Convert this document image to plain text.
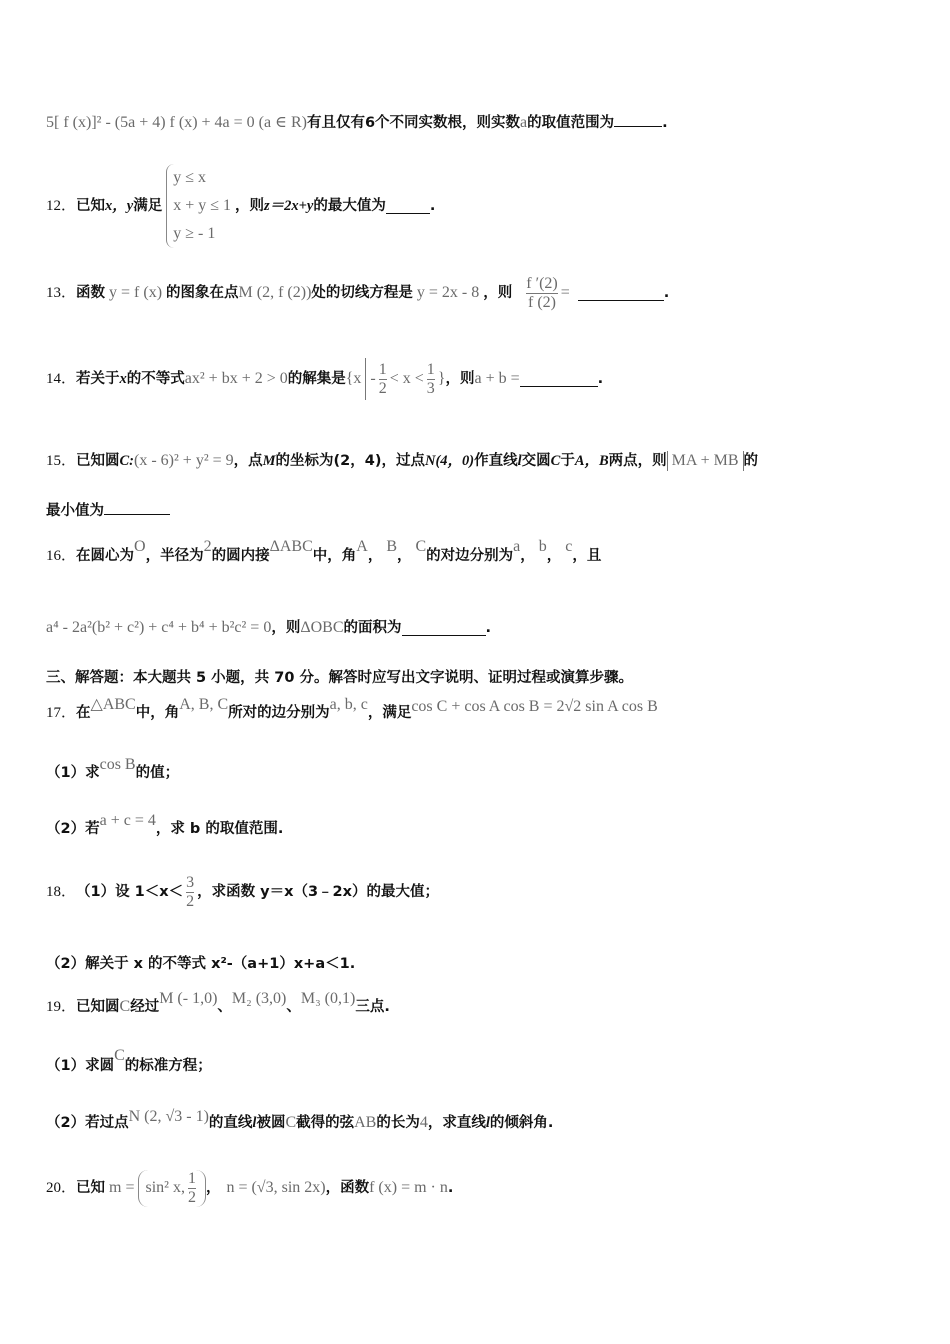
5[ f (x)]² - (5a + 4) f (x) + 4a = 0 (a ∈ R)有且仅有6个不同实数根，则实数a的取值范围为	.
12． 已知 x，y 满足
y ≤ x
x + y ≤ 1
y ≥ - 1
，则 z＝2x+y 的最大值为	.
13． 函数 y = f (x) 的图象在点 M (2, f (2)) 处的切线方程是 y = 2x - 8 ，则 $\frac{f '(2)}{f (2)}$ =	.
14． 若关于 x 的不等式 ax² + bx + 2 > 0 的解集是 {$x - \frac{1}{2} < x < \frac{1}{3}$ } ，则 a + b =	.
15． 已知圆 C: (x - 6)² + y² = 9 ，点 M 的坐标为(2，4)，过点 N(4，0) 作直线 l 交圆 C 于 A，B 两点，则 MA + MB 的
最小值为
16． 在圆心为
O
，半径为
2
的圆内接
ΔABC
中，角
A
，
B
，
C
的对边分别为
a
，
b
，
c
，且
a⁴ - 2a²(b² + c²) + c⁴ + b⁴ + b²c² = 0 ，则 ΔOBC 的面积为	.
三、解答题：本大题共 5 小题，共 70 分。解答时应写出文字说明、证明过程或演算步骤。
17． 在 △ABC 中，角 A, B, C 所对的边分别为 a, b, c ，满足 cos C + cos A cos B = 2√2 sin A cos B
（1）求 cos B 的值；
（2）若 a + c = 4 ，求 b 的取值范围.
18． （1）设 $1<x< \frac{3}{2}$ ，求函数 y＝x（3﹣2x）的最大值；
（2）解关于 x 的不等式 x²-（a+1）x+a＜1.
19． 已知圆 C 经过 M (- 1,0) 、 M₂ (3,0) 、 M₃ (0,1) 三点.
（1）求圆
C
的标准方程；
（2）若过点 N (2, √3 - 1) 的直线 l 被圆 C 截得的弦 AB 的长为 4 ，求直线 l 的倾斜角.
20． 已知 m = sin² x, $\frac{1}{2}$ ， n = (√3, sin 2x) ，函数 f (x) = m · n .
